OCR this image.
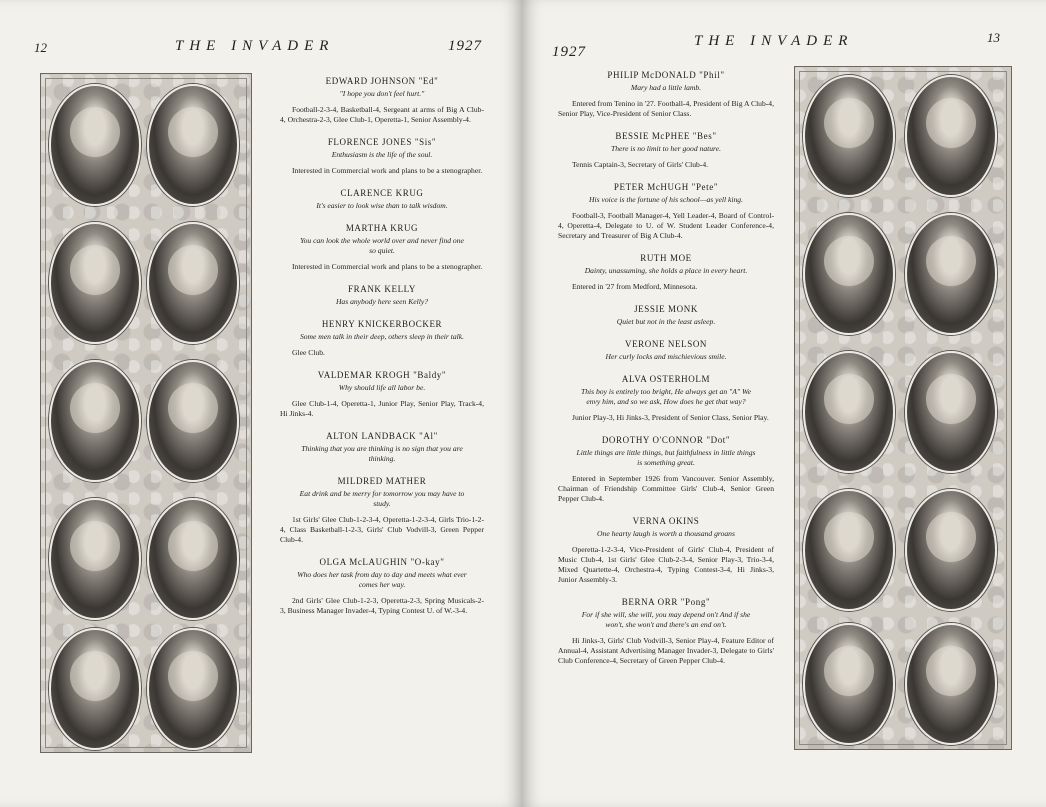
12	THE INVADER	1927

EDWARD JOHNSON "Ed"

"I hope you don't feel hurt."

Football-2-3-4, Basketball-4, Sergeant at arms of Big A Club-4, Orchestra-2-3, Glee Club-1, Operetta-1, Senior Assembly-4.

FLORENCE JONES "Sis"

Enthusiasm is the life of the soul.

Interested in Commercial work and plans to be a stenographer.

CLARENCE KRUG

It's easier to look wise than to talk wisdom.

MARTHA KRUG

You can look the whole world over and never find one so quiet.

Interested in Commercial work and plans to be a stenographer.

FRANK KELLY

Has anybody here seen Kelly?

HENRY KNICKERBOCKER

Some men talk in their deep, others sleep in their talk.

Glee Club.

VALDEMAR KROGH "Baldy"

Why should life all labor be.

Glee Club-1-4, Operetta-1, Junior Play, Senior Play, Track-4, Hi Jinks-4.

ALTON LANDBACK "Al"

Thinking that you are thinking is no sign that you are thinking.

MILDRED MATHER

Eat drink and be merry for tomorrow you may have to study.

1st Girls' Glee Club-1-2-3-4, Operetta-1-2-3-4, Girls Trio-1-2-4, Class Basketball-1-2-3, Girls' Club Vodvill-3, Green Pepper Club-4.

OLGA McLAUGHIN "O-kay"

Who does her task from day to day and meets what ever comes her way.

2nd Girls' Glee Club-1-2-3, Operetta-2-3, Spring Musicals-2-3, Business Manager Invader-4, Typing Contest U. of W.-3-4.

1927
THE INVADER	13

PHILIP McDONALD "Phil"

Mary had a little lamb.

Entered from Tenino in '27. Football-4, President of Big A Club-4, Senior Play, Vice-President of Senior Class.

BESSIE McPHEE "Bes"

There is no limit to her good nature.

Tennis Captain-3, Secretary of Girls' Club-4.

PETER McHUGH "Pete"

His voice is the fortune of his school—as yell king.

Football-3, Football Manager-4, Yell Leader-4, Board of Control-4, Operetta-4, Delegate to U. of W. Student Leader Conference-4, Secretary and Treasurer of Big A Club-4.

RUTH MOE

Dainty, unassuming, she holds a place in every heart.

Entered in '27 from Medford, Minnesota.

JESSIE MONK

Quiet but not in the least asleep.

VERONE NELSON

Her curly locks and mischievious smile.

ALVA OSTERHOLM

This boy is entirely too bright, He always get an "A" We envy him, and so we ask, How does he get that way?

Junior Play-3, Hi Jinks-3, President of Senior Class, Senior Play.

DOROTHY O'CONNOR "Dot"

Little things are little things, but faithfulness in little things is something great.

Entered in September 1926 from Vancouver. Senior Assembly, Chairman of Friendship Committee Girls' Club-4, Senior Green Pepper Club-4.

VERNA OKINS

One hearty laugh is worth a thousand groans

Operetta-1-2-3-4, Vice-President of Girls' Club-4, President of Music Club-4, 1st Girls' Glee Club-2-3-4, Senior Play-3, Trio-3-4, Mixed Quartette-4, Orchestra-4, Typing Contest-3-4, Hi Jinks-3, Junior Assembly-3.

BERNA ORR "Pong"

For if she will, she will, you may depend on't And if she won't, she won't and there's an end on't.

Hi Jinks-3, Girls' Club Vodvill-3, Senior Play-4, Feature Editor of Annual-4, Assistant Advertising Manager Invader-3, Delegate to Girls' Club Conference-4, Secretary of Green Pepper Club-4.
